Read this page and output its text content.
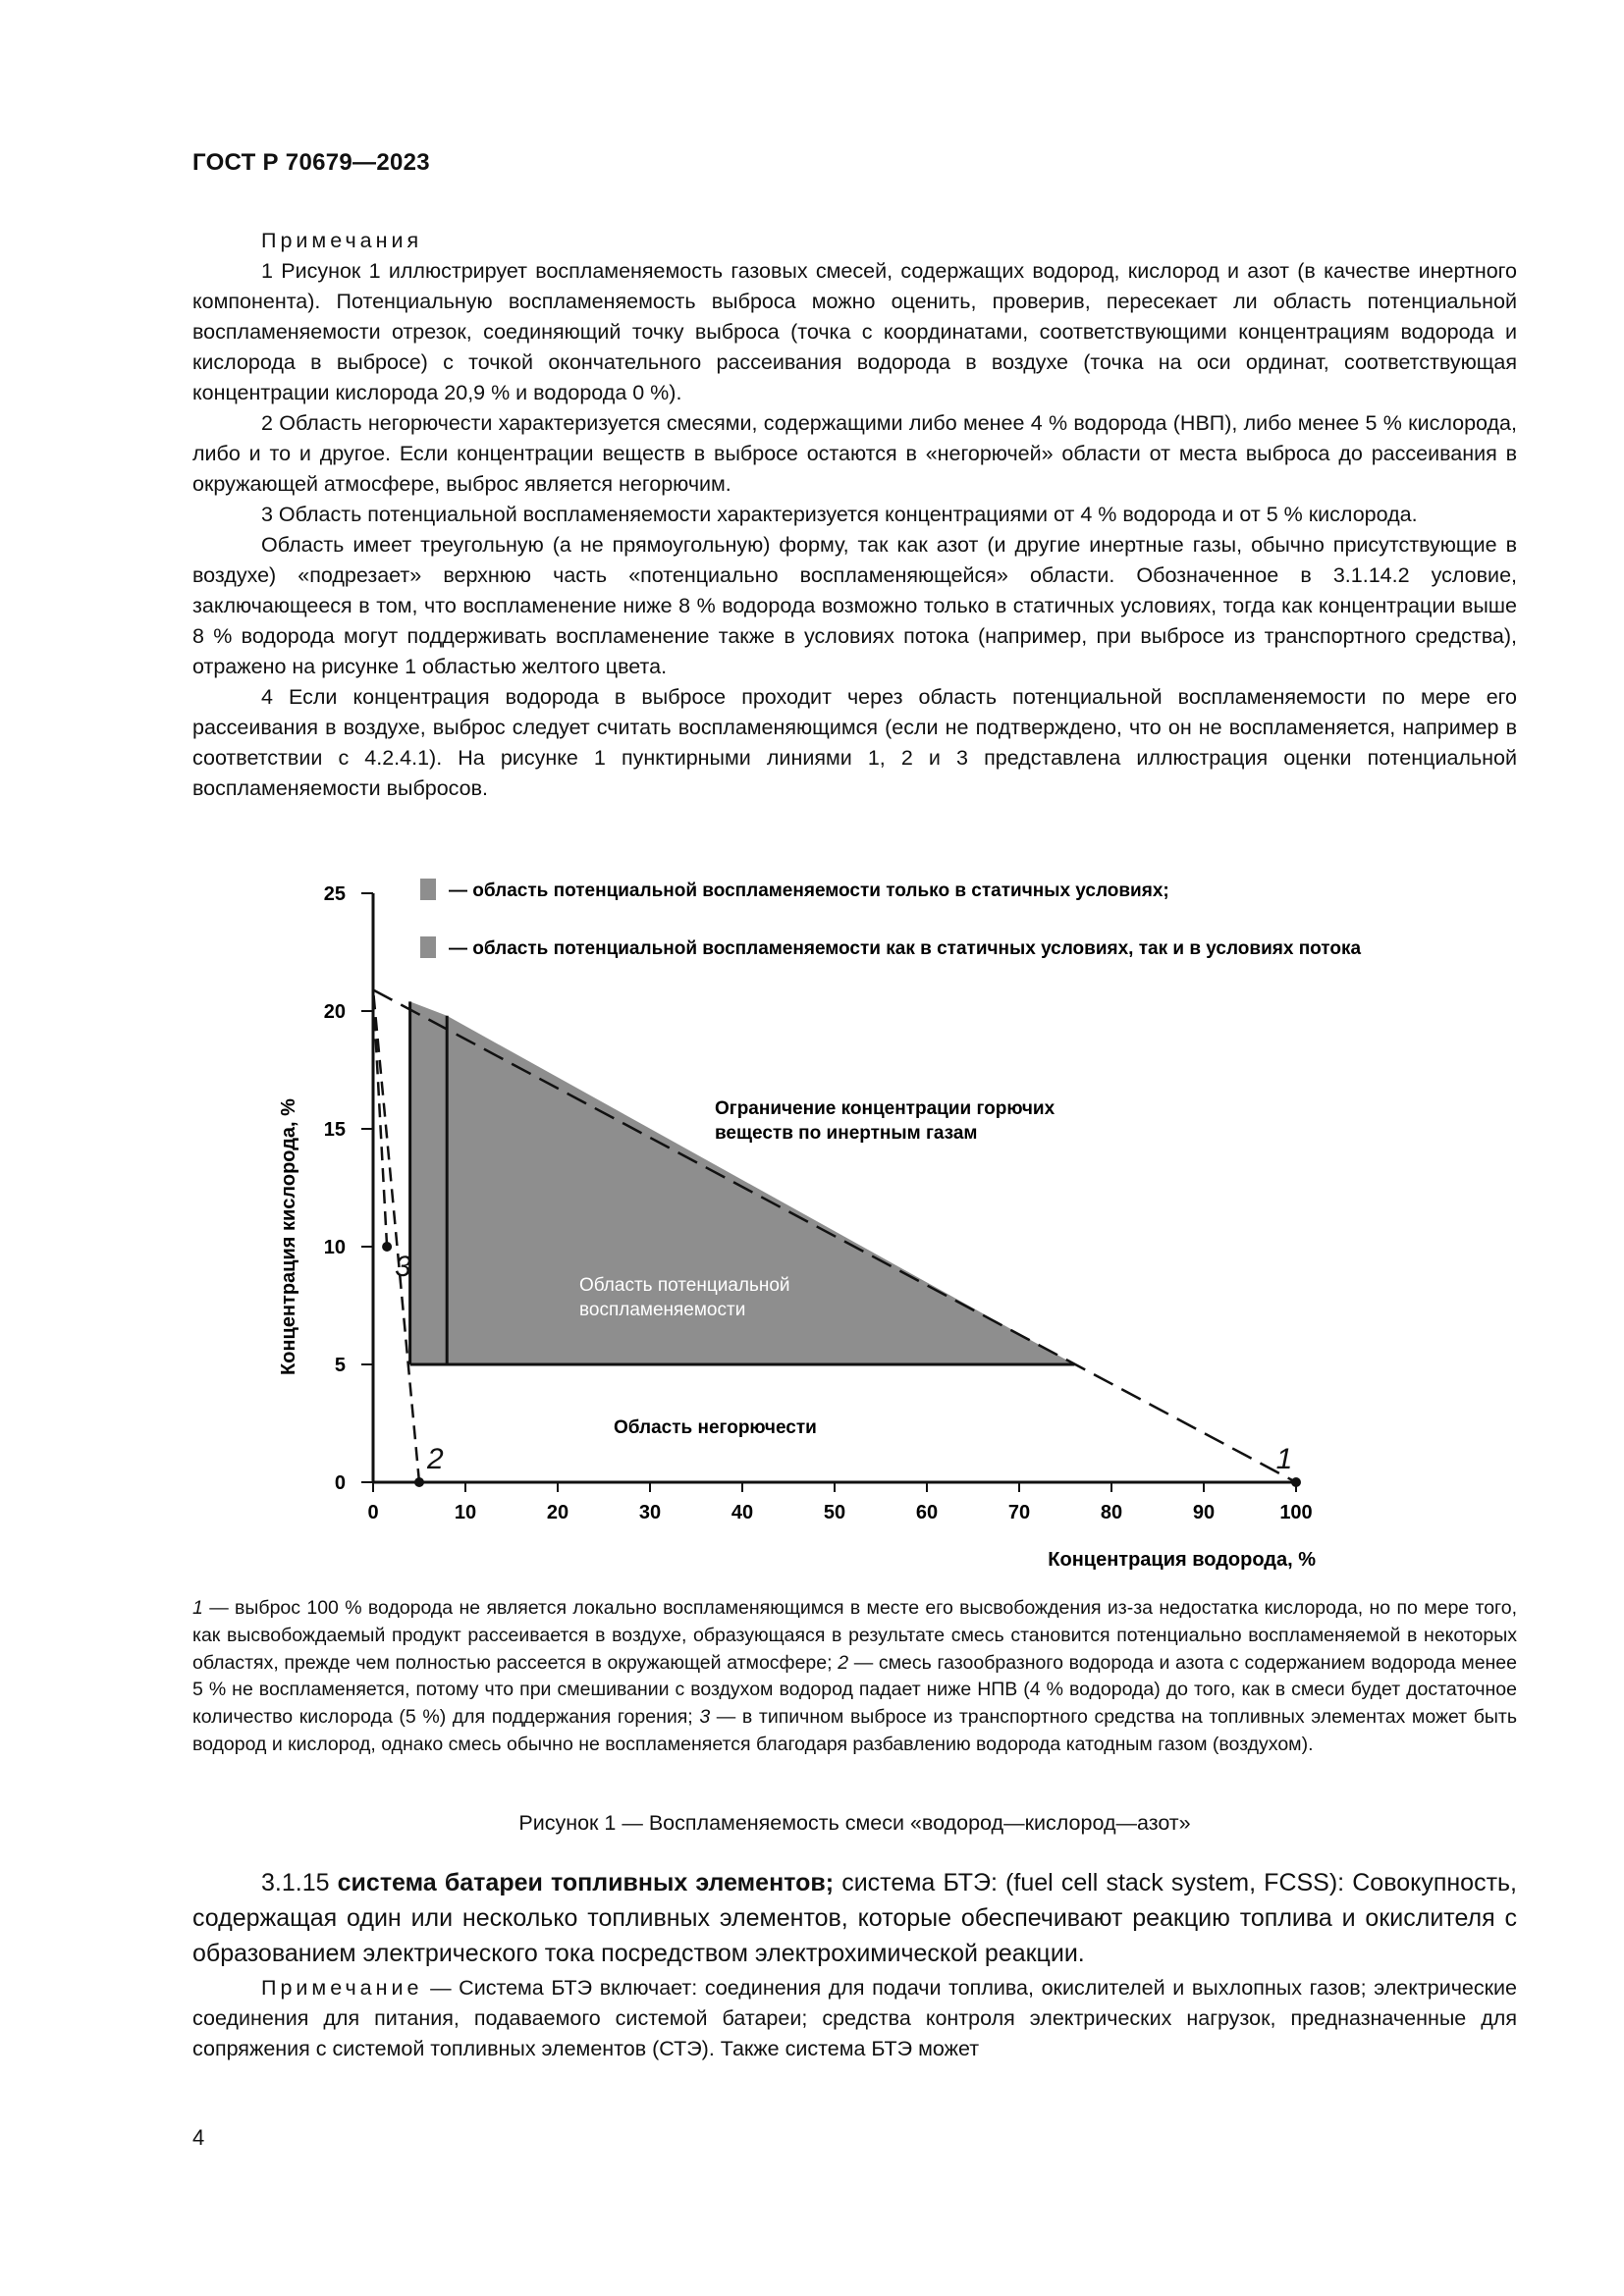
ГОСТ Р 70679—2023

Примечания

1 Рисунок 1 иллюстрирует воспламеняемость газовых смесей, содержащих водород, кислород и азот (в качестве инертного компонента). Потенциальную воспламеняемость выброса можно оценить, проверив, пересекает ли область потенциальной воспламеняемости отрезок, соединяющий точку выброса (точка с координатами, соответствующими концентрациям водорода и кислорода в выбросе) с точкой окончательного рассеивания водорода в воздухе (точка на оси ординат, соответствующая концентрации кислорода 20,9 % и водорода 0 %).

2 Область негорючести характеризуется смесями, содержащими либо менее 4 % водорода (НВП), либо менее 5 % кислорода, либо и то и другое. Если концентрации веществ в выбросе остаются в «негорючей» области от места выброса до рассеивания в окружающей атмосфере, выброс является негорючим.

3 Область потенциальной воспламеняемости характеризуется концентрациями от 4 % водорода и от 5 % кислорода.

Область имеет треугольную (а не прямоугольную) форму, так как азот (и другие инертные газы, обычно присутствующие в воздухе) «подрезает» верхнюю часть «потенциально воспламеняющейся» области. Обозначенное в 3.1.14.2 условие, заключающееся в том, что воспламенение ниже 8 % водорода возможно только в статичных условиях, тогда как концентрации выше 8 % водорода могут поддерживать воспламенение также в условиях потока (например, при выбросе из транспортного средства), отражено на рисунке 1 областью желтого цвета.

4 Если концентрация водорода в выбросе проходит через область потенциальной воспламеняемости по мере его рассеивания в воздухе, выброс следует считать воспламеняющимся (если не подтверждено, что он не воспламеняется, например в соответствии с 4.2.4.1). На рисунке 1 пунктирными линиями 1, 2 и 3 представлена иллюстрация оценки потенциальной воспламеняемости выбросов.

1
2
3
0	10	20	30	40	50	60	70	80	90	100
0
5
10
15
20
25	— область потенциальной воспламеняемости только в статичных условиях;
— область потенциальной воспламеняемости как в статичных условиях, так и в условиях потока
Ограничение концентрации горючих
веществ по инертным газам
Область потенциальной
воспламеняемости
Область негорючести
Концентрация кислорода, %
Концентрация водорода, %
1 — выброс 100 % водорода не является локально воспламеняющимся в месте его высвобождения из-за недостатка кислорода, но по мере того, как высвобождаемый продукт рассеивается в воздухе, образующаяся в результате смесь становится потенциально воспламеняемой в некоторых областях, прежде чем полностью рассеется в окружающей атмосфере; 2 — смесь газообразного водорода и азота с содержанием водорода менее 5 % не воспламеняется, потому что при смешивании с воздухом водород падает ниже НПВ (4 % водорода) до того, как в смеси будет достаточное количество кислорода (5 %) для поддержания горения; 3 — в типичном выбросе из транспортного средства на топливных элементах может быть водород и кислород, однако смесь обычно не воспламеняется благодаря разбавлению водорода катодным газом (воздухом).
Рисунок 1 — Воспламеняемость смеси «водород—кислород—азот»

3.1.15 система батареи топливных элементов; система БТЭ: (fuel cell stack system, FCSS): Совокупность, содержащая один или несколько топливных элементов, которые обеспечивают реакцию топлива и окислителя с образованием электрического тока посредством электрохимической реакции.

Примечание — Система БТЭ включает: соединения для подачи топлива, окислителей и выхлопных газов; электрические соединения для питания, подаваемого системой батареи; средства контроля электрических нагрузок, предназначенные для сопряжения с системой топливных элементов (СТЭ). Также система БТЭ может

4
